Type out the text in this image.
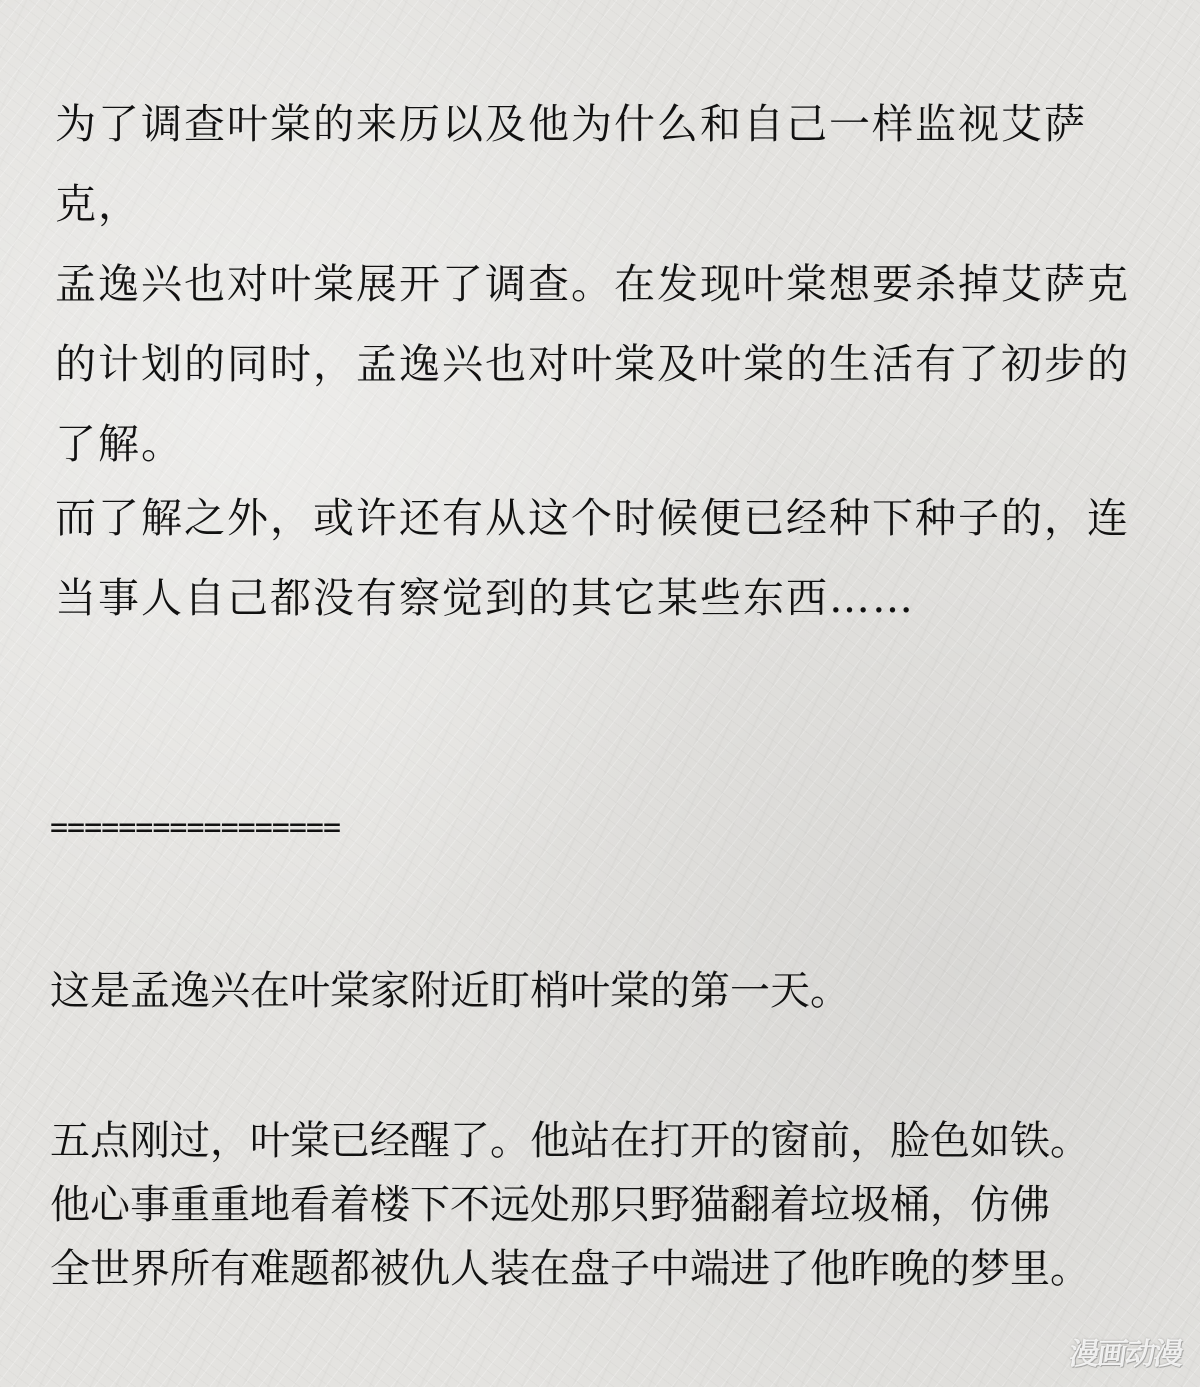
为了调查叶棠的来历以及他为什么和自己一样监视艾萨克，
孟逸兴也对叶棠展开了调查。在发现叶棠想要杀掉艾萨克
的计划的同时，孟逸兴也对叶棠及叶棠的生活有了初步的
了解。

而了解之外，或许还有从这个时候便已经种下种子的，连
当事人自己都没有察觉到的其它某些东西……

=================

这是孟逸兴在叶棠家附近盯梢叶棠的第一天。

五点刚过，叶棠已经醒了。他站在打开的窗前，脸色如铁。
他心事重重地看着楼下不远处那只野猫翻着垃圾桶，仿佛
全世界所有难题都被仇人装在盘子中端进了他昨晚的梦里。

漫画动漫
